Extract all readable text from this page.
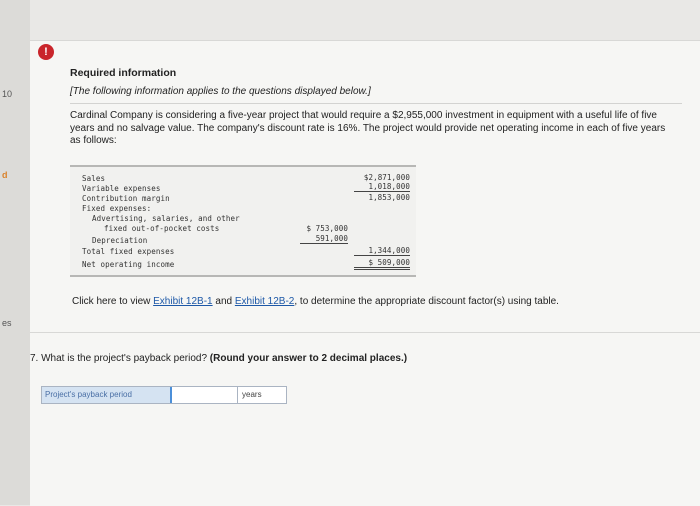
10
d
es
!
Required information
[The following information applies to the questions displayed below.]
Cardinal Company is considering a five-year project that would require a $2,955,000 investment in equipment with a useful life of five years and no salvage value. The company's discount rate is 16%. The project would provide net operating income in each of five years as follows:
Sales
Variable expenses
Contribution margin
Fixed expenses:
Advertising, salaries, and other
fixed out-of-pocket costs
Depreciation
Total fixed expenses
Net operating income
$ 753,000
591,000
$2,871,000
1,018,000
1,853,000
1,344,000
$ 509,000
Click here to view Exhibit 12B-1 and Exhibit 12B-2, to determine the appropriate discount factor(s) using table.
7. What is the project's payback period? (Round your answer to 2 decimal places.)
Project's payback period	years
